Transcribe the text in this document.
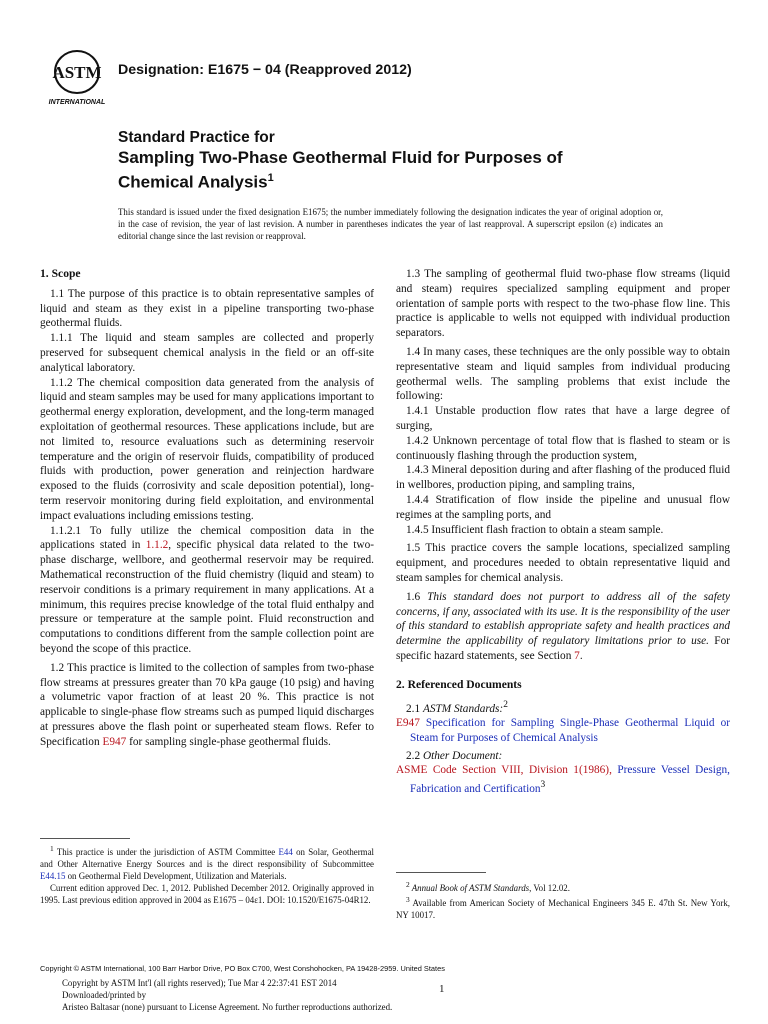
ASTM
INTERNATIONAL
Designation: E1675 − 04 (Reapproved 2012)
Standard Practice for
Sampling Two-Phase Geothermal Fluid for Purposes of
Chemical Analysis$^1$
This standard is issued under the fixed designation E1675; the number immediately following the designation indicates the year of original adoption or, in the case of revision, the year of last revision. A number in parentheses indicates the year of last reapproval. A superscript epsilon (ε) indicates an editorial change since the last revision or reapproval.
1. Scope

1.1 The purpose of this practice is to obtain representative samples of liquid and steam as they exist in a pipeline transporting two-phase geothermal fluids.

1.1.1 The liquid and steam samples are collected and properly preserved for subsequent chemical analysis in the field or an off-site analytical laboratory.

1.1.2 The chemical composition data generated from the analysis of liquid and steam samples may be used for many applications important to geothermal energy exploration, development, and the long-term managed exploitation of geothermal resources. These applications include, but are not limited to, resource evaluations such as determining reservoir temperature and the origin of reservoir fluids, compatibility of produced fluids with production, power generation and reinjection hardware exposed to the fluids (corrosivity and scale deposition potential), long-term reservoir monitoring during field exploitation, and environmental impact evaluations including emissions testing.

1.1.2.1 To fully utilize the chemical composition data in the applications stated in 1.1.2, specific physical data related to the two-phase discharge, wellbore, and geothermal reservoir may be required. Mathematical reconstruction of the fluid chemistry (liquid and steam) to reservoir conditions is a primary requirement in many applications. At a minimum, this requires precise knowledge of the total fluid enthalpy and pressure or temperature at the sample point. Fluid reconstruction and computations to conditions different from the sample collection point are beyond the scope of this practice.

1.2 This practice is limited to the collection of samples from two-phase flow streams at pressures greater than 70 kPa gauge (10 psig) and having a volumetric vapor fraction of at least 20 %. This practice is not applicable to single-phase flow streams such as pumped liquid discharges at pressures above the flash point or superheated steam flows. Refer to Specification E947 for sampling single-phase geothermal fluids.

1.3 The sampling of geothermal fluid two-phase flow streams (liquid and steam) requires specialized sampling equipment and proper orientation of sample ports with respect to the two-phase flow line. This practice is applicable to wells not equipped with individual production separators.

1.4 In many cases, these techniques are the only possible way to obtain representative steam and liquid samples from individual producing geothermal wells. The sampling problems that exist include the following:

1.4.1 Unstable production flow rates that have a large degree of surging,

1.4.2 Unknown percentage of total flow that is flashed to steam or is continuously flashing through the production system,

1.4.3 Mineral deposition during and after flashing of the produced fluid in wellbores, production piping, and sampling trains,

1.4.4 Stratification of flow inside the pipeline and unusual flow regimes at the sampling ports, and

1.4.5 Insufficient flash fraction to obtain a steam sample.

1.5 This practice covers the sample locations, specialized sampling equipment, and procedures needed to obtain representative liquid and steam samples for chemical analysis.

1.6 This standard does not purport to address all of the safety concerns, if any, associated with its use. It is the responsibility of the user of this standard to establish appropriate safety and health practices and determine the applicability of regulatory limitations prior to use. For specific hazard statements, see Section 7.

2. Referenced Documents

2.1 ASTM Standards:$^2$

E947 Specification for Sampling Single-Phase Geothermal Liquid or Steam for Purposes of Chemical Analysis

2.2 Other Document:

ASME Code Section VIII, Division 1(1986), Pressure Vessel Design, Fabrication and Certification$^3$

$^1$ This practice is under the jurisdiction of ASTM Committee E44 on Solar, Geothermal and Other Alternative Energy Sources and is the direct responsibility of Subcommittee E44.15 on Geothermal Field Development, Utilization and Materials.

Current edition approved Dec. 1, 2012. Published December 2012. Originally approved in 1995. Last previous edition approved in 2004 as E1675 – 04ε1. DOI: 10.1520/E1675-04R12.

$^2$ Annual Book of ASTM Standards, Vol 12.02.

$^3$ Available from American Society of Mechanical Engineers 345 E. 47th St. New York, NY 10017.

Copyright © ASTM International, 100 Barr Harbor Drive, PO Box C700, West Conshohocken, PA 19428-2959. United States
Copyright by ASTM Int'l (all rights reserved); Tue Mar 4 22:37:41 EST 2014
Downloaded/printed by
Aristeo Baltasar (none) pursuant to License Agreement. No further reproductions authorized.
1
